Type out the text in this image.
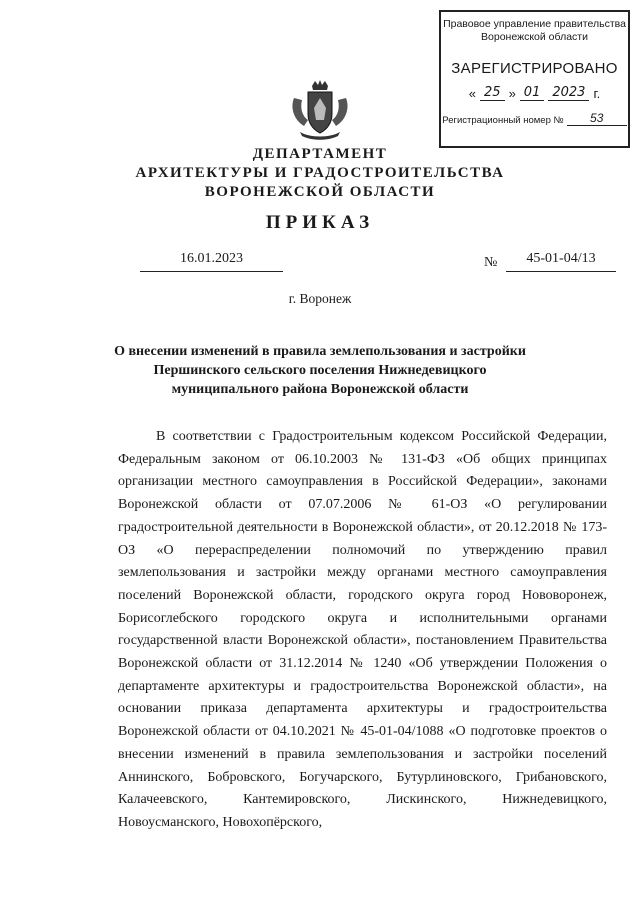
Правовое управление правительства
Воронежской области
ЗАРЕГИСТРИРОВАНО
« 25 » 01 2023 г.
Регистрационный номер №	53
ДЕПАРТАМЕНТ
АРХИТЕКТУРЫ И ГРАДОСТРОИТЕЛЬСТВА
ВОРОНЕЖСКОЙ ОБЛАСТИ
ПРИКАЗ
16.01.2023	№	45-01-04/13
г. Воронеж
О внесении изменений в правила землепользования и застройки Першинского сельского поселения Нижнедевицкого муниципального района Воронежской области
В соответствии с Градостроительным кодексом Российской Федерации, Федеральным законом от 06.10.2003 № 131-ФЗ «Об общих принципах организации местного самоуправления в Российской Федерации», законами Воронежской области от 07.07.2006 № 61-ОЗ «О регулировании градостроительной деятельности в Воронежской области», от 20.12.2018 № 173-ОЗ «О перераспределении полномочий по утверждению правил землепользования и застройки между органами местного самоуправления поселений Воронежской области, городского округа город Нововоронеж, Борисоглебского городского округа и исполнительными органами государственной власти Воронежской области», постановлением Правительства Воронежской области от 31.12.2014 № 1240 «Об утверждении Положения о департаменте архитектуры и градостроительства Воронежской области», на основании приказа департамента архитектуры и градостроительства Воронежской области от 04.10.2021 № 45-01-04/1088 «О подготовке проектов о внесении изменений в правила землепользования и застройки поселений Аннинского, Бобровского, Богучарского, Бутурлиновского, Грибановского, Калачеевского, Кантемировского, Лискинского, Нижнедевицкого, Новоусманского, Новохопёрского,
